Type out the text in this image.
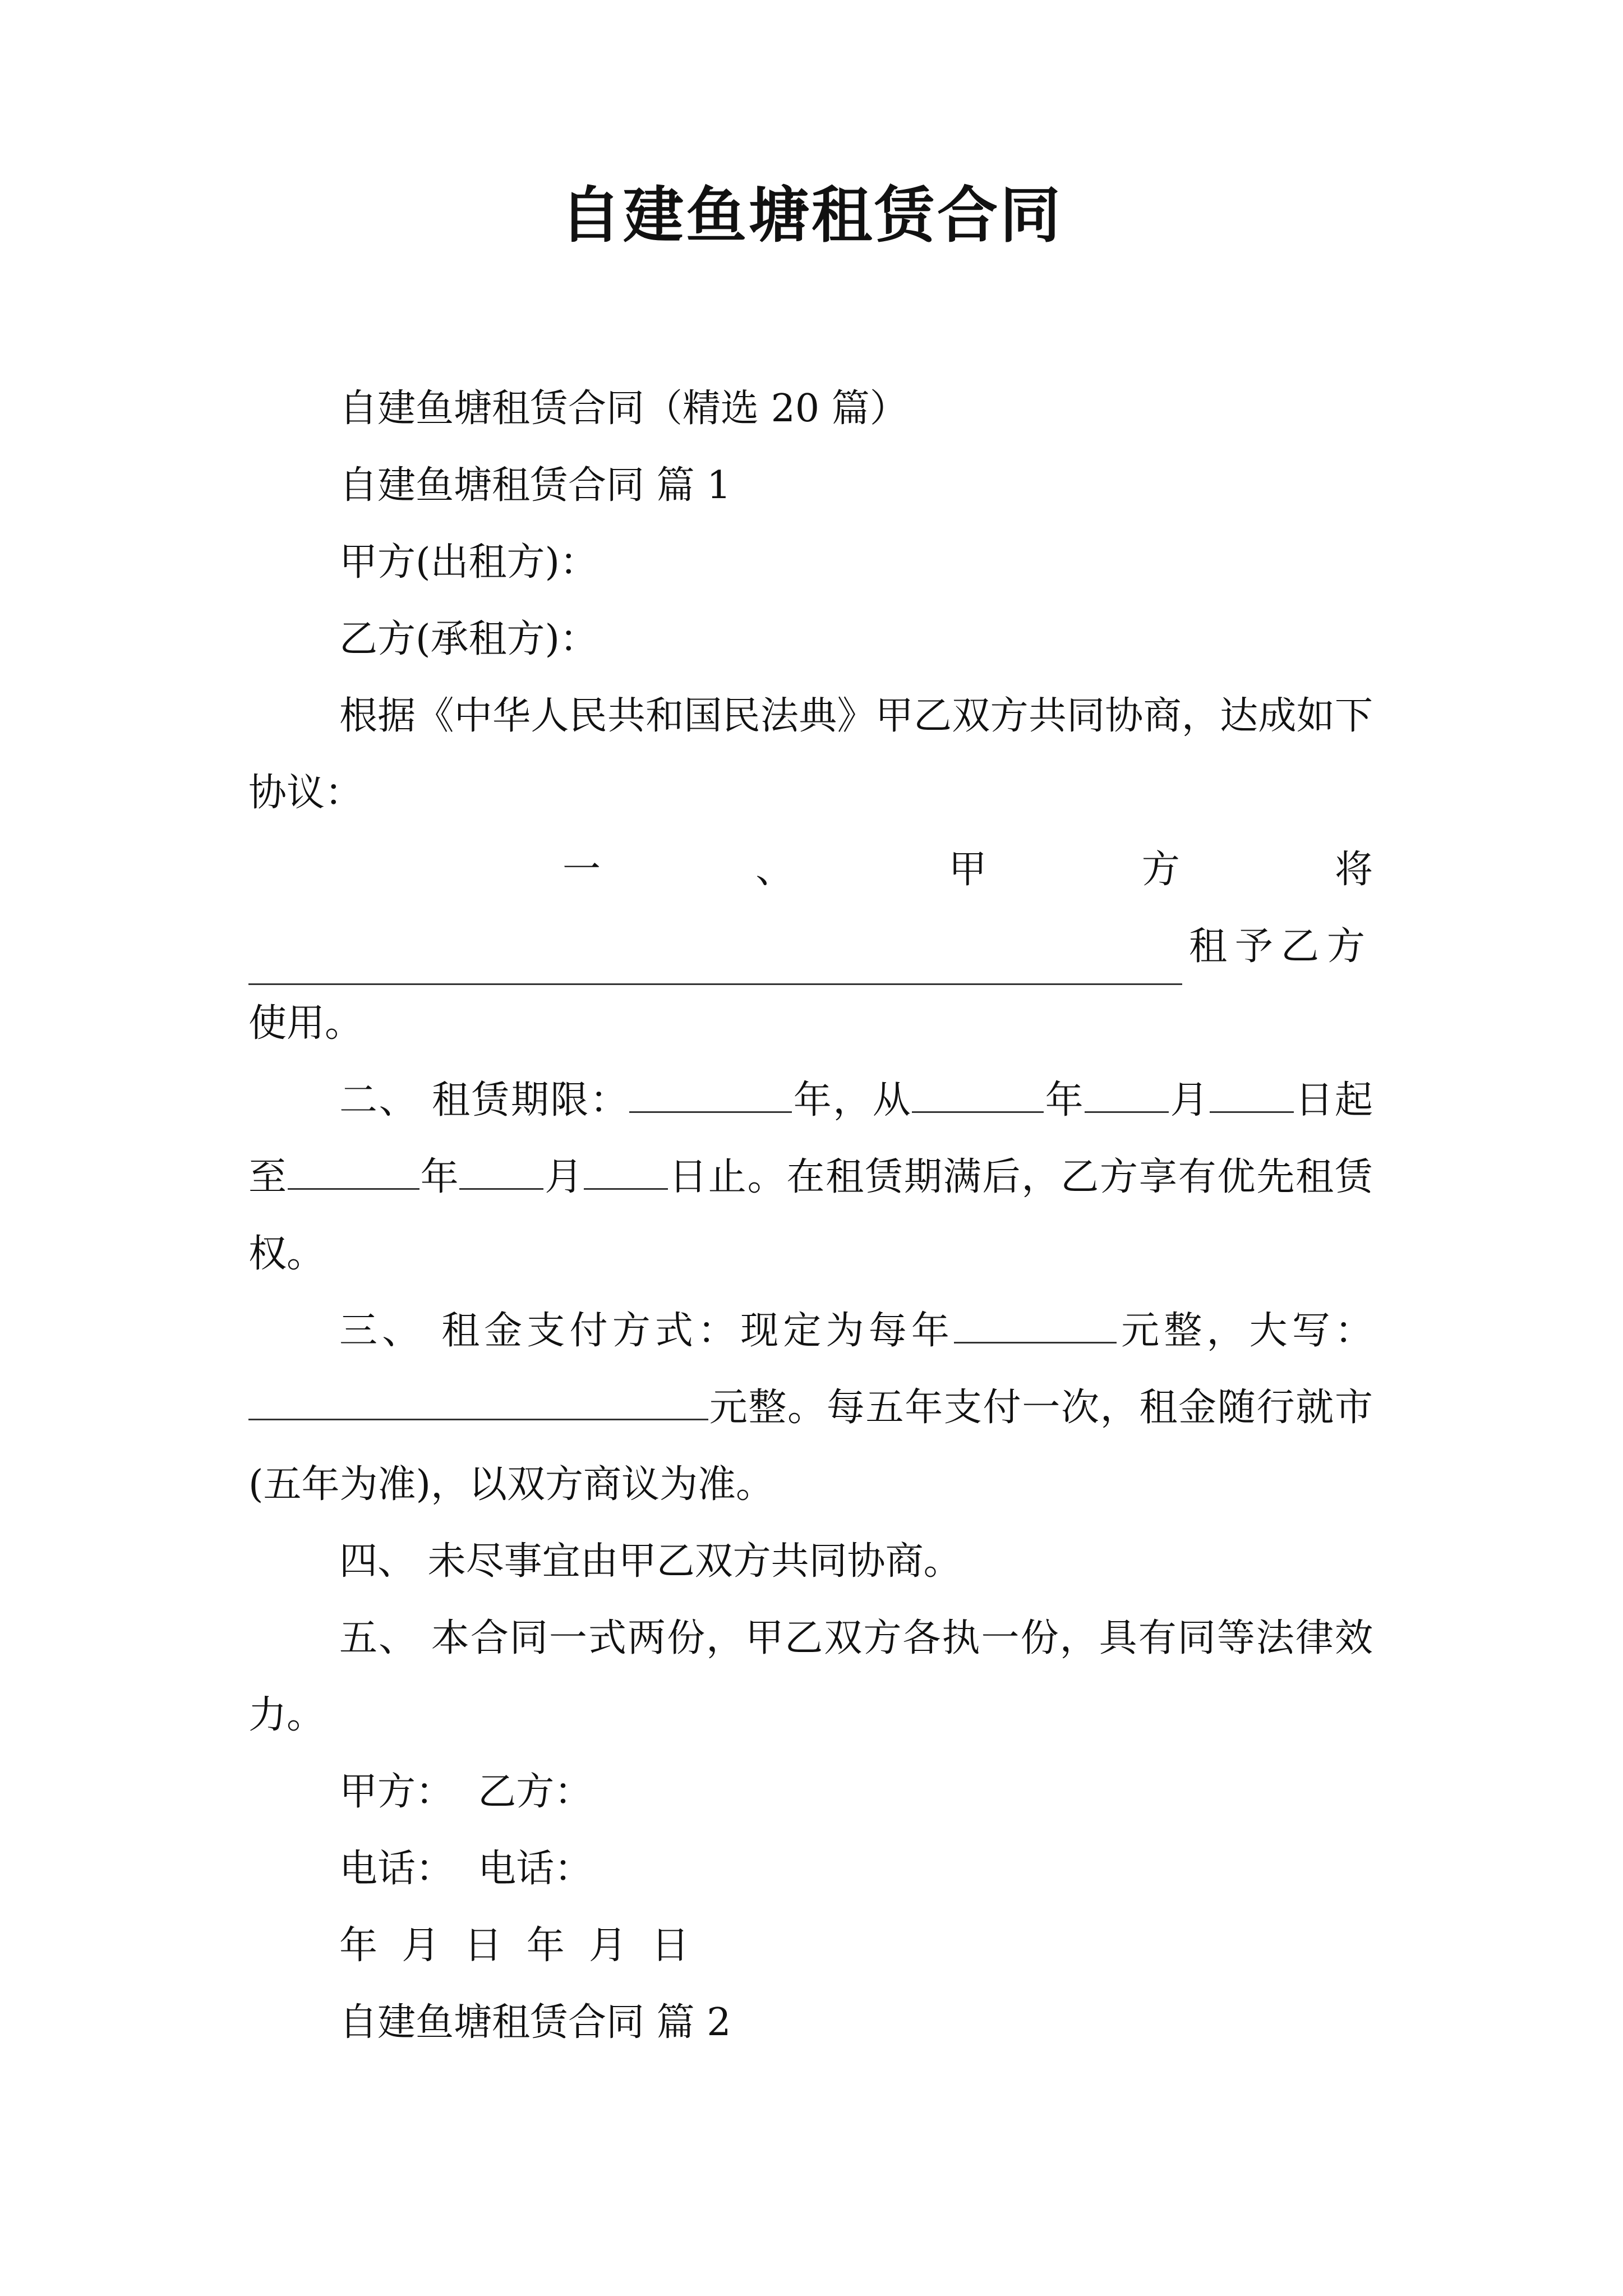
自建鱼塘租赁合同

自建鱼塘租赁合同（精选 20 篇）

自建鱼塘租赁合同 篇 1

甲方(出租方)：

乙方(承租方)：

根据《中华人民共和国民法典》甲乙双方共同协商，达成如下协议：

一	、	甲	方	将
租予乙方

使用。

二、 租赁期限：	年，从	年 月 日起至	年 月 日止。在租赁期满后，乙方享有优先租赁权。

三、 租金支付方式：现定为每年	元整，大写：元整。每五年支付一次，租金随行就市(五年为准)，以双方商议为准。

四、 未尽事宜由甲乙双方共同协商。

五、 本合同一式两份，甲乙双方各执一份，具有同等法律效力。

甲方：  乙方：

电话：  电话：

年  月  日  年  月  日

自建鱼塘租赁合同 篇 2
